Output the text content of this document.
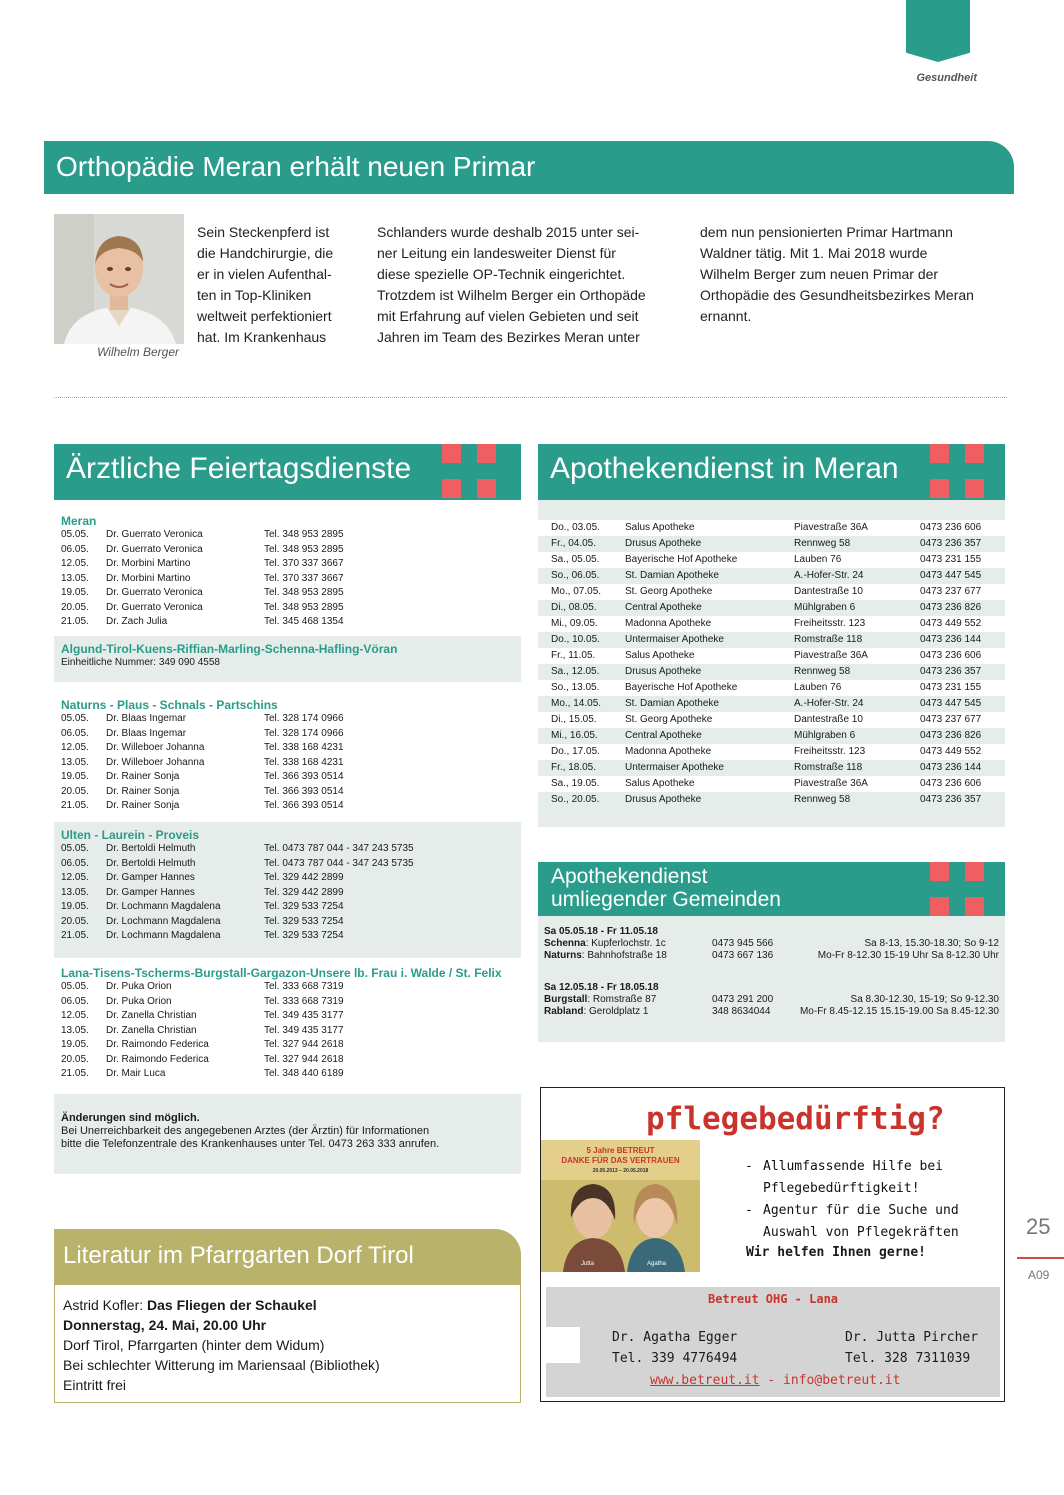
Gesundheit
Orthopädie Meran erhält neuen Primar
Wilhelm Berger
Sein Steckenpferd ist
die Handchirurgie, die
er in vielen Aufenthal-
ten in Top-Kliniken
weltweit perfektioniert
hat. Im Krankenhaus
Schlanders wurde deshalb 2015 unter sei-
ner Leitung ein landesweiter Dienst für
diese spezielle OP-Technik eingerichtet.
Trotzdem ist Wilhelm Berger ein Orthopäde
mit Erfahrung auf vielen Gebieten und seit
Jahren im Team des Bezirkes Meran unter
dem nun pensionierten Primar Hartmann
Waldner tätig. Mit 1. Mai 2018 wurde
Wilhelm Berger zum neuen Primar der
Orthopädie des Gesundheitsbezirkes Meran
ernannt.
Ärztliche Feiertagsdienste
Meran
05.05.	Dr. Guerrato Veronica	Tel. 348 953 2895
06.05.	Dr. Guerrato Veronica	Tel. 348 953 2895
12.05.	Dr. Morbini Martino	Tel. 370 337 3667
13.05.	Dr. Morbini Martino	Tel. 370 337 3667
19.05.	Dr. Guerrato Veronica	Tel. 348 953 2895
20.05.	Dr. Guerrato Veronica	Tel. 348 953 2895
21.05.	Dr. Zach Julia	Tel. 345 468 1354
Algund-Tirol-Kuens-Riffian-Marling-Schenna-Hafling-Vöran
Einheitliche Nummer: 349 090 4558
Naturns - Plaus - Schnals - Partschins
05.05.	Dr. Blaas Ingemar	Tel. 328 174 0966
06.05.	Dr. Blaas Ingemar	Tel. 328 174 0966
12.05.	Dr. Willeboer Johanna	Tel. 338 168 4231
13.05.	Dr. Willeboer Johanna	Tel. 338 168 4231
19.05.	Dr. Rainer Sonja	Tel. 366 393 0514
20.05.	Dr. Rainer Sonja	Tel. 366 393 0514
21.05.	Dr. Rainer Sonja	Tel. 366 393 0514
Ulten - Laurein - Proveis
05.05.	Dr. Bertoldi Helmuth	Tel. 0473 787 044 - 347 243 5735
06.05.	Dr. Bertoldi Helmuth	Tel. 0473 787 044 - 347 243 5735
12.05.	Dr. Gamper Hannes	Tel. 329 442 2899
13.05.	Dr. Gamper Hannes	Tel. 329 442 2899
19.05.	Dr. Lochmann Magdalena	Tel. 329 533 7254
20.05.	Dr. Lochmann Magdalena	Tel. 329 533 7254
21.05.	Dr. Lochmann Magdalena	Tel. 329 533 7254
Lana-Tisens-Tscherms-Burgstall-Gargazon-Unsere lb. Frau i. Walde / St. Felix
05.05.	Dr. Puka Orion	Tel. 333 668 7319
06.05.	Dr. Puka Orion	Tel. 333 668 7319
12.05.	Dr. Zanella Christian	Tel. 349 435 3177
13.05.	Dr. Zanella Christian	Tel. 349 435 3177
19.05.	Dr. Raimondo Federica	Tel. 327 944 2618
20.05.	Dr. Raimondo Federica	Tel. 327 944 2618
21.05.	Dr. Mair Luca	Tel. 348 440 6189
Änderungen sind möglich.
Bei Unerreichbarkeit des angegebenen Arztes (der Ärztin) für Informationen
bitte die Telefonzentrale des Krankenhauses unter Tel. 0473 263 333 anrufen.
Apothekendienst in Meran
Do., 03.05.	Salus Apotheke	Piavestraße 36A	0473 236 606
Fr., 04.05.	Drusus Apotheke	Rennweg 58	0473 236 357
Sa., 05.05.	Bayerische Hof Apotheke	Lauben 76	0473 231 155
So., 06.05.	St. Damian Apotheke	A.-Hofer-Str. 24	0473 447 545
Mo., 07.05.	St. Georg Apotheke	Dantestraße 10	0473 237 677
Di., 08.05.	Central Apotheke	Mühlgraben 6	0473 236 826
Mi., 09.05.	Madonna Apotheke	Freiheitsstr. 123	0473 449 552
Do., 10.05.	Untermaiser Apotheke	Romstraße 118	0473 236 144
Fr., 11.05.	Salus Apotheke	Piavestraße 36A	0473 236 606
Sa., 12.05.	Drusus Apotheke	Rennweg 58	0473 236 357
So., 13.05.	Bayerische Hof Apotheke	Lauben 76	0473 231 155
Mo., 14.05.	St. Damian Apotheke	A.-Hofer-Str. 24	0473 447 545
Di., 15.05.	St. Georg Apotheke	Dantestraße 10	0473 237 677
Mi., 16.05.	Central Apotheke	Mühlgraben 6	0473 236 826
Do., 17.05.	Madonna Apotheke	Freiheitsstr. 123	0473 449 552
Fr., 18.05.	Untermaiser Apotheke	Romstraße 118	0473 236 144
Sa., 19.05.	Salus Apotheke	Piavestraße 36A	0473 236 606
So., 20.05.	Drusus Apotheke	Rennweg 58	0473 236 357
Apothekendienst
umliegender Gemeinden
Sa 05.05.18 - Fr 11.05.18
Schenna: Kupferlochstr. 1c	0473 945 566	Sa 8-13, 15.30-18.30; So 9-12
Naturns: Bahnhofstraße 18	0473 667 136	Mo-Fr 8-12.30 15-19 Uhr Sa 8-12.30 Uhr
Sa 12.05.18 - Fr 18.05.18
Burgstall: Romstraße 87	0473 291 200	Sa 8.30-12.30, 15-19; So 9-12.30
Rabland: Geroldplatz 1	348 8634044	Mo-Fr 8.45-12.15 15.15-19.00 Sa 8.45-12.30
Literatur im Pfarrgarten Dorf Tirol
Astrid Kofler: Das Fliegen der Schaukel
Donnerstag, 24. Mai, 20.00 Uhr
Dorf Tirol, Pfarrgarten (hinter dem Widum)
Bei schlechter Witterung im Mariensaal (Bibliothek)
Eintritt frei
pflegebedürftig?
5 Jahre BETREUT
DANKE FÜR DAS VERTRAUEN
20.05.2013 – 20.05.2018
Jutta	Agatha
- Allumfassende Hilfe bei
Pflegebedürftigkeit!
- Agentur für die Suche und
Auswahl von Pflegekräften
Wir helfen Ihnen gerne!
Betreut OHG - Lana
Dr. Agatha Egger
Tel. 339 4776494
Dr. Jutta Pircher
Tel. 328 7311039
www.betreut.it - info@betreut.it
25
A09
